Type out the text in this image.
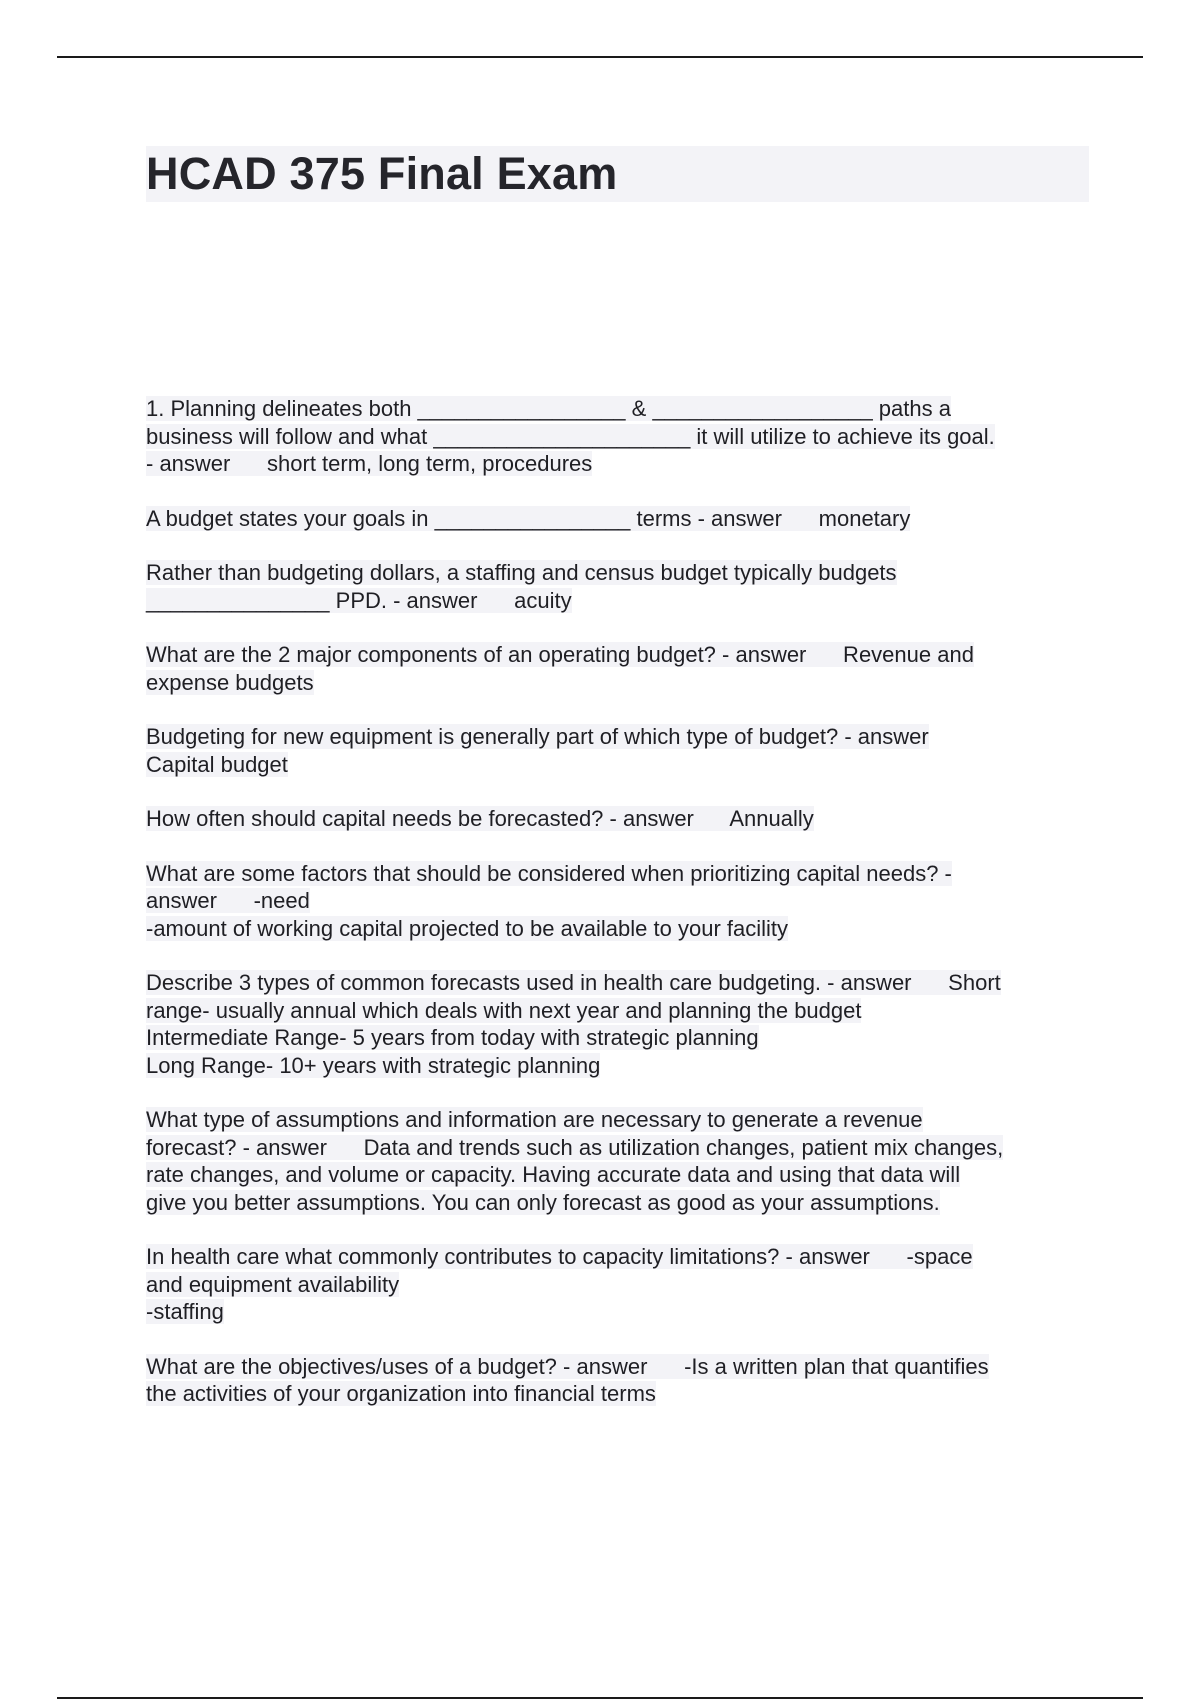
HCAD 375 Final Exam

1. Planning delineates both _________________ & __________________ paths a
business will follow and what _____________________ it will utilize to achieve its goal.
- answer      short term, long term, procedures

A budget states your goals in ________________ terms - answer      monetary

Rather than budgeting dollars, a staffing and census budget typically budgets
_______________ PPD. - answer      acuity

What are the 2 major components of an operating budget? - answer      Revenue and
expense budgets

Budgeting for new equipment is generally part of which type of budget? - answer
Capital budget

How often should capital needs be forecasted? - answer      Annually

What are some factors that should be considered when prioritizing capital needs? -
answer      -need
-amount of working capital projected to be available to your facility

Describe 3 types of common forecasts used in health care budgeting. - answer      Short
range- usually annual which deals with next year and planning the budget
Intermediate Range- 5 years from today with strategic planning
Long Range- 10+ years with strategic planning

What type of assumptions and information are necessary to generate a revenue
forecast? - answer      Data and trends such as utilization changes, patient mix changes,
rate changes, and volume or capacity. Having accurate data and using that data will
give you better assumptions. You can only forecast as good as your assumptions.

In health care what commonly contributes to capacity limitations? - answer      -space
and equipment availability
-staffing

What are the objectives/uses of a budget? - answer      -Is a written plan that quantifies
the activities of your organization into financial terms
